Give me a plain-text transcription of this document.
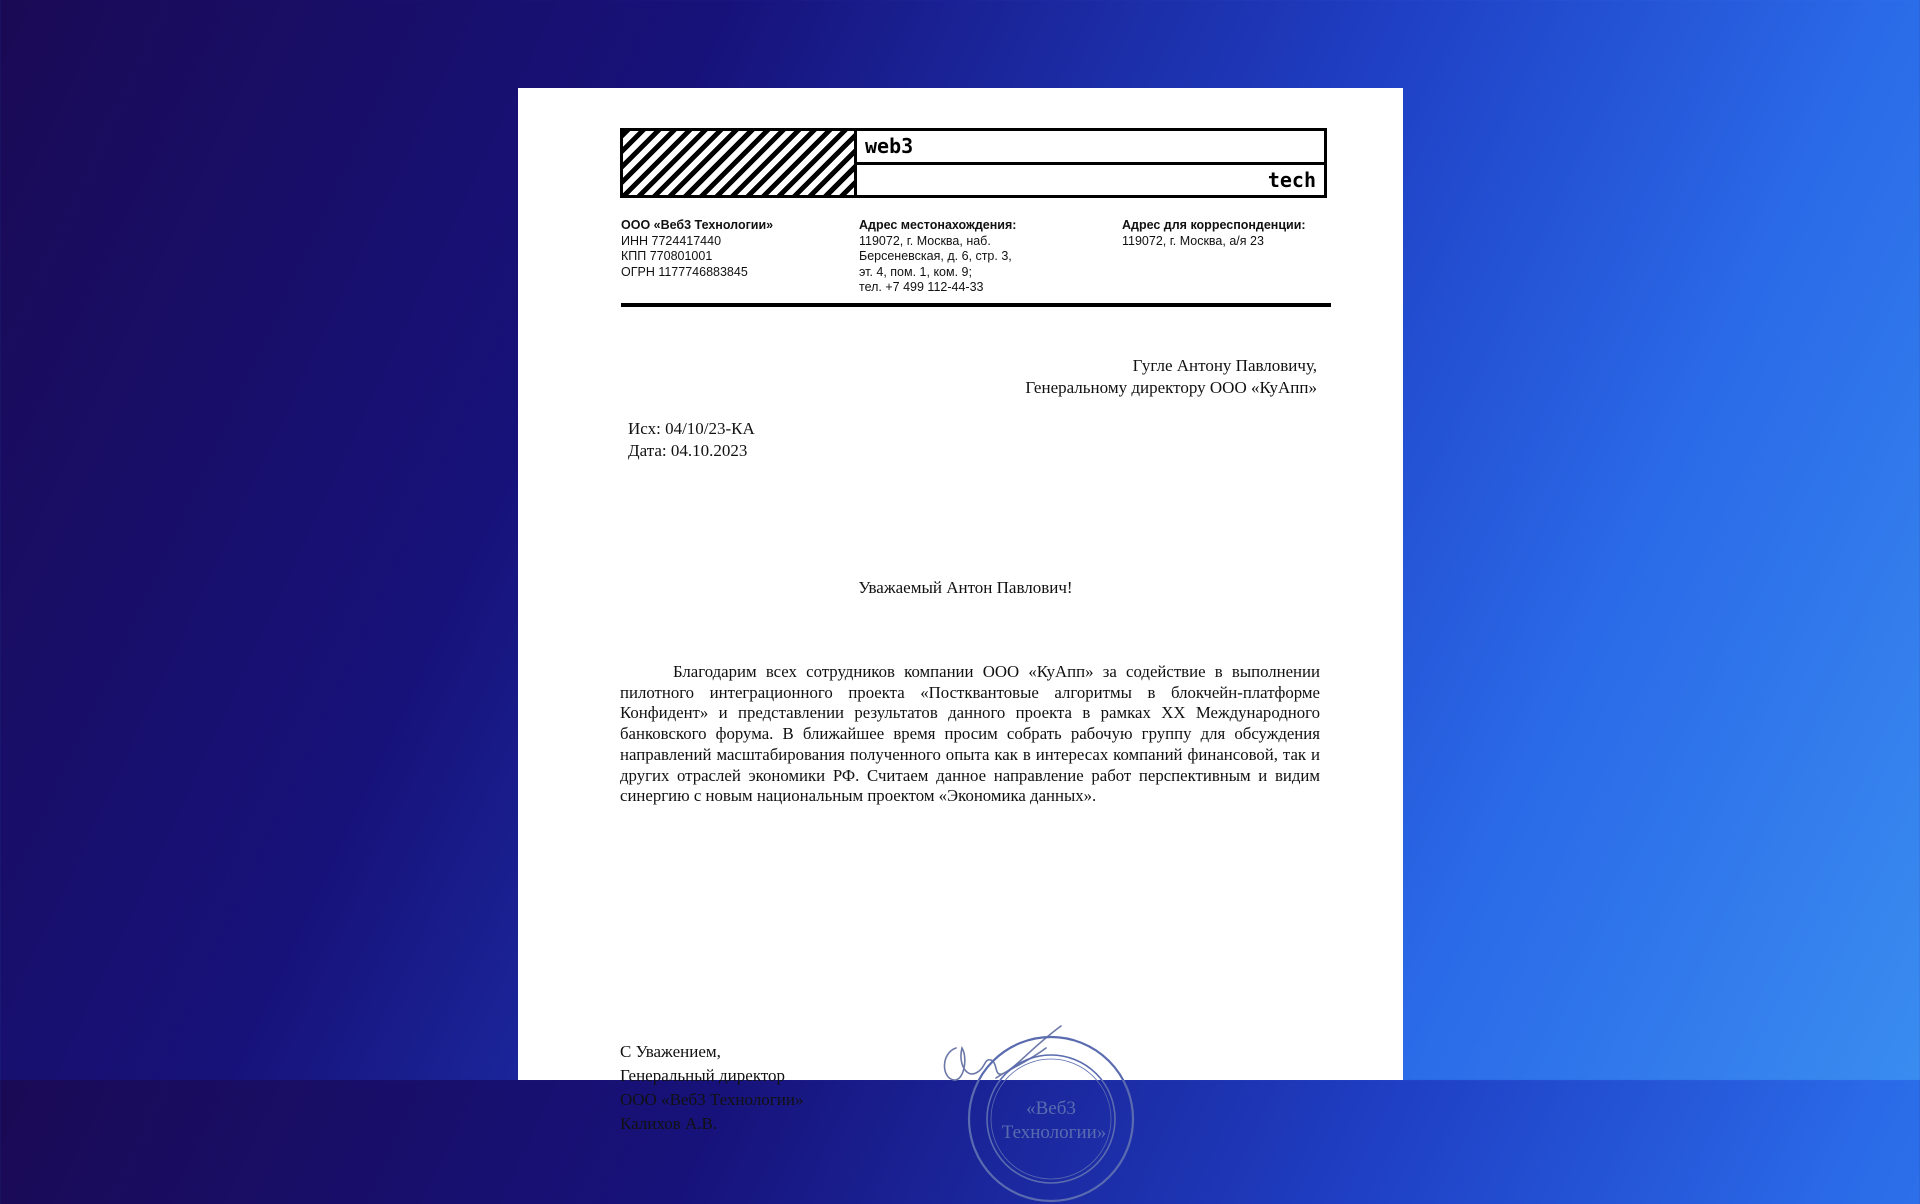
web3
tech
ООО «Веб3 Технологии»
ИНН 7724417440
КПП 770801001
ОГРН 1177746883845
Адрес местонахождения:
119072, г. Москва, наб.
Берсеневская, д. 6, стр. 3,
эт. 4, пом. 1, ком. 9;
тел. +7 499 112-44-33
Адрес для корреспонденции:
119072, г. Москва, а/я 23
Гугле Антону Павловичу,
Генеральному директору ООО «КуАпп»
Исх: 04/10/23-КА
Дата: 04.10.2023
Уважаемый Антон Павлович!

Благодарим всех сотрудников компании ООО «КуАпп» за содействие в выполнении пилотного интеграционного проекта «Постквантовые алгоритмы в блокчейн-платформе Конфидент» и представлении результатов данного проекта в рамках XX Международного банковского форума. В ближайшее время просим собрать рабочую группу для обсуждения направлений масштабирования полученного опыта как в интересах компаний финансовой, так и других отраслей экономики РФ. Считаем данное направление работ перспективным и видим синергию с новым национальным проектом «Экономика данных».

С Уважением,
Генеральный директор
ООО «Веб3 Технологии»
Калихов А.В.
«Веб3
Технологии»
